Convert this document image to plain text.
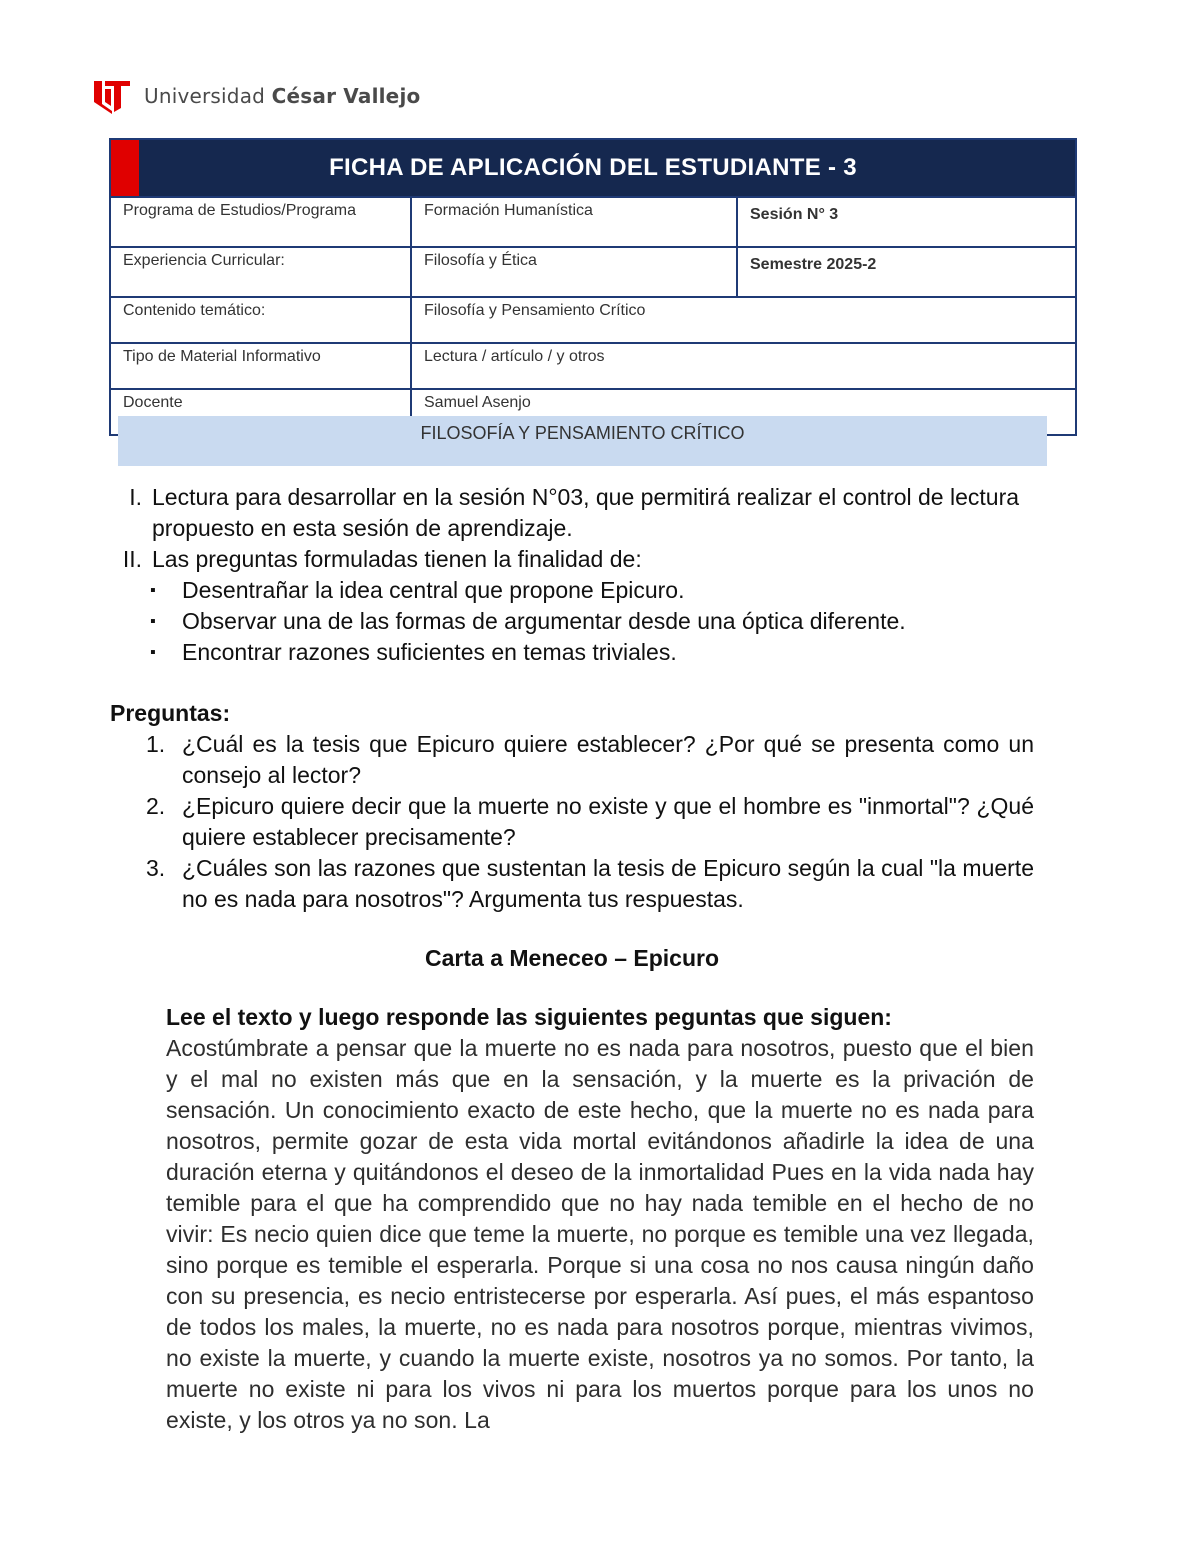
Universidad César Vallejo
FICHA DE APLICACIÓN DEL ESTUDIANTE - 3		

Programa de Estudios/Programa	Formación Humanística	Sesión N° 3
Experiencia Curricular:	Filosofía y Ética	Semestre 2025-2
Contenido temático:	Filosofía y Pensamiento Crítico	
Tipo de Material Informativo	Lectura / artículo / y otros	
Docente	Samuel Asenjo	
FILOSOFÍA Y PENSAMIENTO CRÍTICO
I. Lectura para desarrollar en la sesión N°03, que permitirá realizar el control de lectura propuesto en esta sesión de aprendizaje.
II. Las preguntas formuladas tienen la finalidad de:
▪ Desentrañar la idea central que propone Epicuro.
▪ Observar una de las formas de argumentar desde una óptica diferente.
▪ Encontrar razones suficientes en temas triviales.
Preguntas:
1. ¿Cuál es la tesis que Epicuro quiere establecer? ¿Por qué se presenta como un consejo al lector?
2. ¿Epicuro quiere decir que la muerte no existe y que el hombre es "inmortal"? ¿Qué quiere establecer precisamente?
3. ¿Cuáles son las razones que sustentan la tesis de Epicuro según la cual "la muerte no es nada para nosotros"? Argumenta tus respuestas.
Carta a Meneceo – Epicuro
Lee el texto y luego responde las siguientes peguntas que siguen:
Acostúmbrate a pensar que la muerte no es nada para nosotros, puesto que el bien y el mal no existen más que en la sensación, y la muerte es la privación de sensación. Un conocimiento exacto de este hecho, que la muerte no es nada para nosotros, permite gozar de esta vida mortal evitándonos añadirle la idea de una duración eterna y quitándonos el deseo de la inmortalidad Pues en la vida nada hay temible para el que ha comprendido que no hay nada temible en el hecho de no vivir: Es necio quien dice que teme la muerte, no porque es temible una vez llegada, sino porque es temible el esperarla. Porque si una cosa no nos causa ningún daño con su presencia, es necio entristecerse por esperarla. Así pues, el más espantoso de todos los males, la muerte, no es nada para nosotros porque, mientras vivimos, no existe la muerte, y cuando la muerte existe, nosotros ya no somos. Por tanto, la muerte no existe ni para los vivos ni para los muertos porque para los unos no existe, y los otros ya no son. La
